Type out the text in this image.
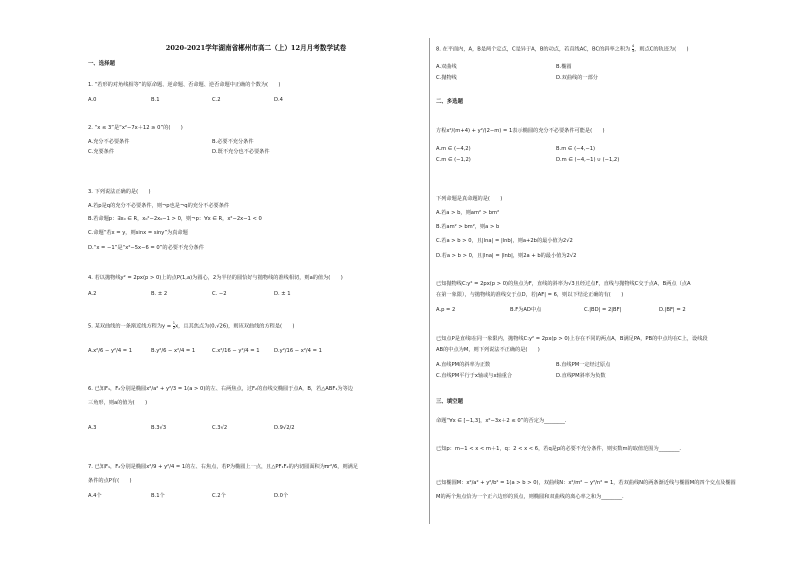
2020-2021学年湖南省郴州市高二（上）12月月考数学试卷
一、选择题
1. “若形的对角线相等”的原命题、逆命题、否命题、逆否命题中正确的个数为(　　)
A.0	B.1	C.2	D.4
2. “x ≤ 3”是“x²−7x＋12 ≥ 0”的(　　)
A.充分不必要条件	B.必要不充分条件
C.充要条件	D.既不充分也不必要条件
3. 下列说法正确的是(　　)
A.若p是q的充分不必要条件，则¬p也是¬q的充分不必要条件
B.若命题p：∃x₀ ∈ R，x₀²−2x₀−1 > 0，则¬p：∀x ∈ R，x²−2x−1 < 0
C.命题“若x = y，则sinx = siny”为真命题
D.“x = −1”是“x²−5x−6 = 0”的必要不充分条件
4. 若以抛物线y² = 2px(p > 0)上的点P(1,a)为圆心，2为半径的圆恰好与抛物线的准线相切，则a的值为(　　)
A.2	B. ± 2	C. −2	D. ± 1
5. 某双曲线的一条渐近线方程为$y = \frac{1}{2}$ x，且其焦点为(0,√26)，则该双曲线的方程是(　　)
A.x²/6 − y²/4 = 1	B.y²/6 − x²/4 = 1	C.x²/16 − y²/4 = 1	D.y²/16 − x²/4 = 1
6. 已知F₁，F₂分别是椭圆x²/a² + y²/3 = 1(a > 0)的左、右两焦点，过F₂的直线交椭圆于点A，B，若△ABF₁为等边
三角形，则a的值为(　　)
A.3	B.3√3	C.3√2	D.9√2/2
7. 已知F₁，F₂分别是椭圆x²/9 + y²/4 = 1的左、右焦点，若P为椭圆上一点，且△PF₁F₂的内切圆面积为πr²/6，则满足
条件的点P有(　　)
A.4个	B.1个	C.2个	D.0个
8. 在平面内，A，B是两个定点，C是异于A，B的动点，若直线AC，BC的斜率之积为 $\frac{4}{3}$ ，则点C的轨迹为(　　)
A.双曲线	B.椭圆
C.抛物线	D.双曲线的一部分
二、多选题
方程x²/(m+4) + y²/(2−m) = 1表示椭圆的充分不必要条件可能是(　　)
A.m ∈ (−4,2)	B.m ∈ (−4,−1)
C.m ∈ (−1,2)	D.m ∈ (−4,−1) ∪ (−1,2)
下列命题是真命题的是(　　)
A.若a > b，则am² > bm²
B.若am² > bm²，则a > b
C.若a > b > 0，且|lna| = |lnb|，则a+2b的最小值为2√2
D.若a > b > 0，且|lna| = |lnb|，则2a + b的最小值为2√2
已知抛物线C:y² = 2px(p > 0)的焦点为F，直线的斜率为√3且经过点F，直线与抛物线C交于点A，B两点（点A
在第一象限），与抛物线的准线交于点D，若|AF| = 6，则以下结论正确的有(　　)
A.p = 2	B.F为AD中点	C.|BD| = 2|BF|	D.|BF| = 2
已知点P是直线l在同一象限内，抛物线C:y² = 2px(p > 0)上存在不同的两点A，B满足PA，PB的中点均在C上，设线段
AB的中点为M，则下列说法不正确的是(　　)
A.直线PM的斜率为正数	B.直线PM一定经过原点
C.直线PM平行于x轴或与x轴重合	D.直线PM斜率为负数
三、填空题
命题“∀x ∈ [−1,3]，x²−3x＋2 ≤ 0”的否定为________.
已知p：m−1 < x < m＋1，q：2 < x < 6，若q是p的必要不充分条件，则实数m的取值范围为________.
已知椭圆M：x²/a² + y²/b² = 1(a > b > 0)，双曲线N：x²/m² − y²/n² = 1，若双曲线N的两条渐近线与椭圆M的四个交点及椭圆
M的两个焦点恰为一个正六边形的顶点，则椭圆和双曲线的离心率之和为________.
